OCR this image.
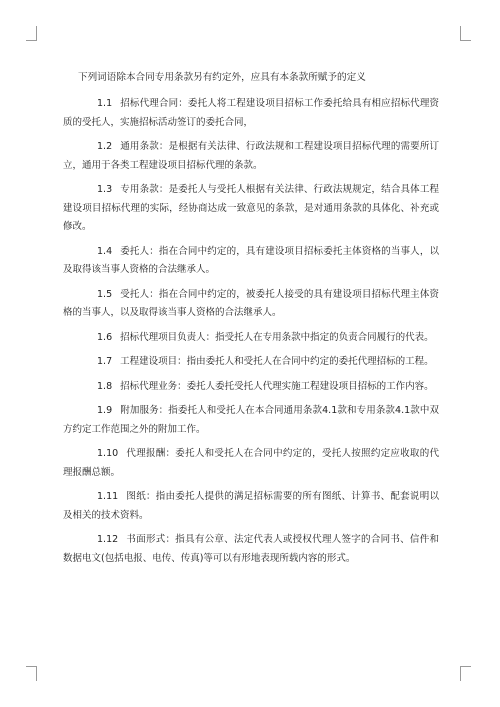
下列词语除本合同专用条款另有约定外，应具有本条款所赋予的定义

1.1 招标代理合同：委托人将工程建设项目招标工作委托给具有相应招标代理资质的受托人，实施招标活动签订的委托合同，

1.2 通用条款：是根据有关法律、行政法规和工程建设项目招标代理的需要所订立，通用于各类工程建设项目招标代理的条款。

1.3 专用条款：是委托人与受托人根据有关法律、行政法规规定，结合具体工程建设项目招标代理的实际，经协商达成一致意见的条款，是对通用条款的具体化、补充或修改。

1.4 委托人：指在合同中约定的，具有建设项目招标委托主体资格的当事人，以及取得该当事人资格的合法继承人。

1.5 受托人：指在合同中约定的，被委托人接受的具有建设项目招标代理主体资格的当事人，以及取得该当事人资格的合法继承人。

1.6 招标代理项目负责人：指受托人在专用条款中指定的负责合同履行的代表。

1.7 工程建设项目：指由委托人和受托人在合同中约定的委托代理招标的工程。

1.8 招标代理业务：委托人委托受托人代理实施工程建设项目招标的工作内容。

1.9 附加服务：指委托人和受托人在本合同通用条款4.1款和专用条款4.1款中双方约定工作范围之外的附加工作。

1.10 代理报酬：委托人和受托人在合同中约定的，受托人按照约定应收取的代理报酬总额。

1.11 图纸：指由委托人提供的满足招标需要的所有图纸、计算书、配套说明以及相关的技术资料。

1.12 书面形式：指具有公章、法定代表人或授权代理人签字的合同书、信件和数据电文(包括电报、电传、传真)等可以有形地表现所载内容的形式。
